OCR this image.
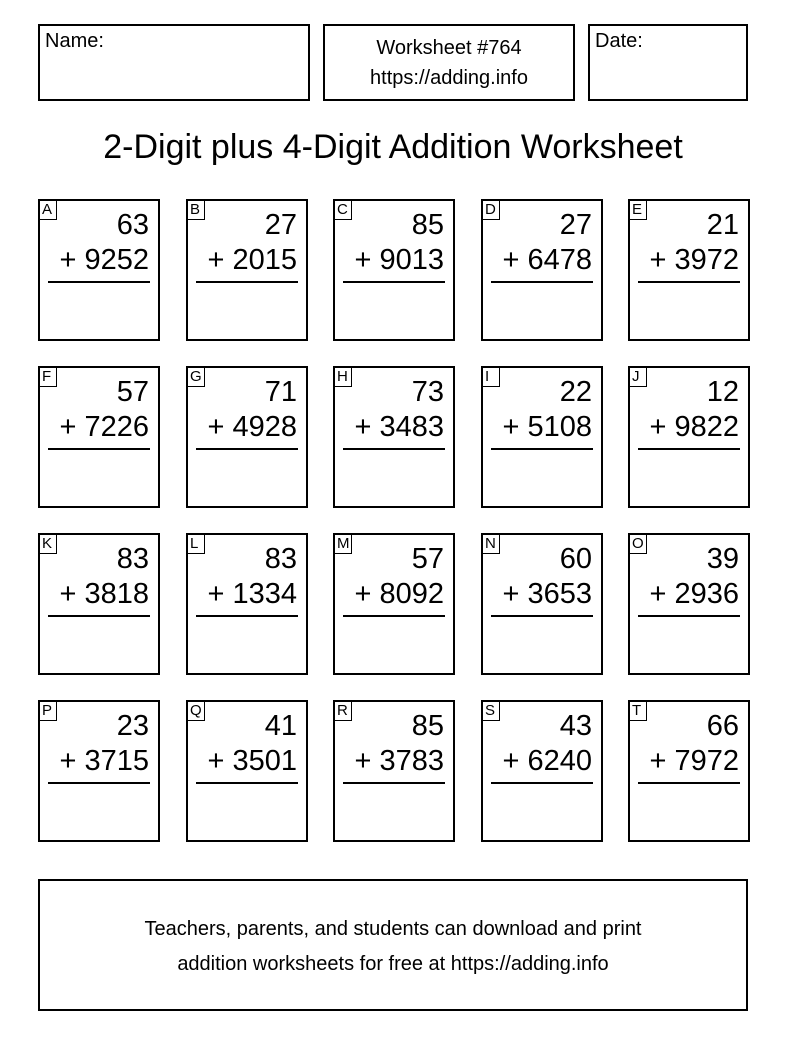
Name:	Worksheet #764
https://adding.info
Date:
2-Digit plus 4-Digit Addition Worksheet
A 63
+ 9252
B 27
+ 2015
C 85
+ 9013
D 27
+ 6478
E 21
+ 3972
F 57
+ 7226
G 71
+ 4928
H 73
+ 3483
I	22
+ 5108
J 12
+ 9822
K 83
+ 3818
L 83
+ 1334
M 57
+ 8092
N 60
+ 3653
O 39
+ 2936
P 23
+ 3715
Q 41
+ 3501
R 85
+ 3783
S 43
+ 6240
T 66
+ 7972
Teachers, parents, and students can download and print
addition worksheets for free at https://adding.info
